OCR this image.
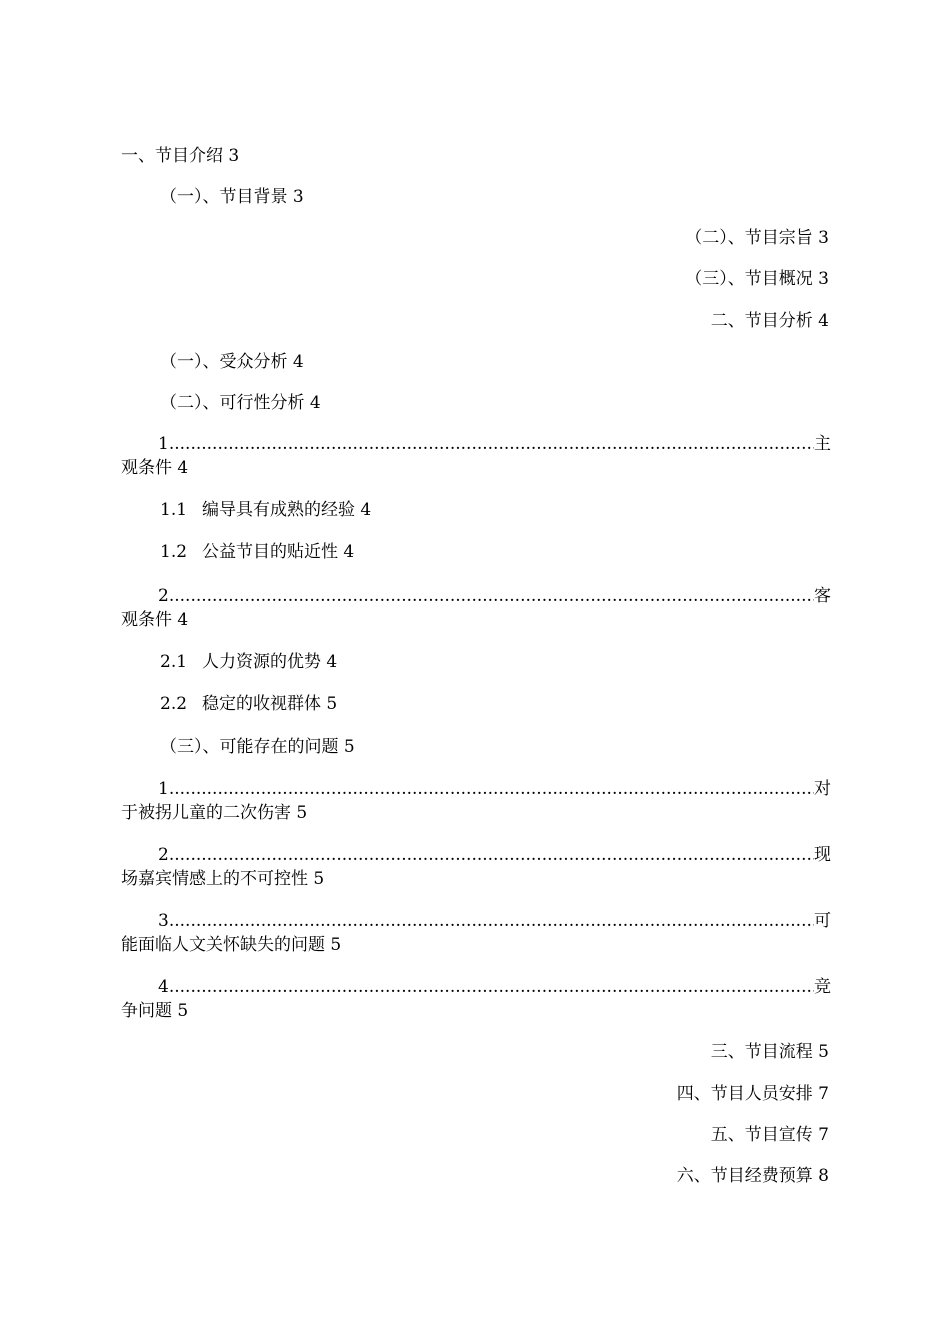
一、节目介绍 3
（一）、节目背景 3
（二）、节目宗旨 3
（三）、节目概况 3
二、节目分析 4
（一）、受众分析 4
（二）、可行性分析 4
1 .....	主
观条件 4
1.1 编导具有成熟的经验 4
1.2 公益节目的贴近性 4
2 .....	客
观条件 4
2.1 人力资源的优势 4
2.2 稳定的收视群体 5
（三）、可能存在的问题 5
1 .....	对
于被拐儿童的二次伤害 5
2 .....	现
场嘉宾情感上的不可控性 5
3 .....	可
能面临人文关怀缺失的问题 5
4 .....	竞
争问题 5
三、节目流程 5
四、节目人员安排 7
五、节目宣传 7
六、节目经费预算 8
